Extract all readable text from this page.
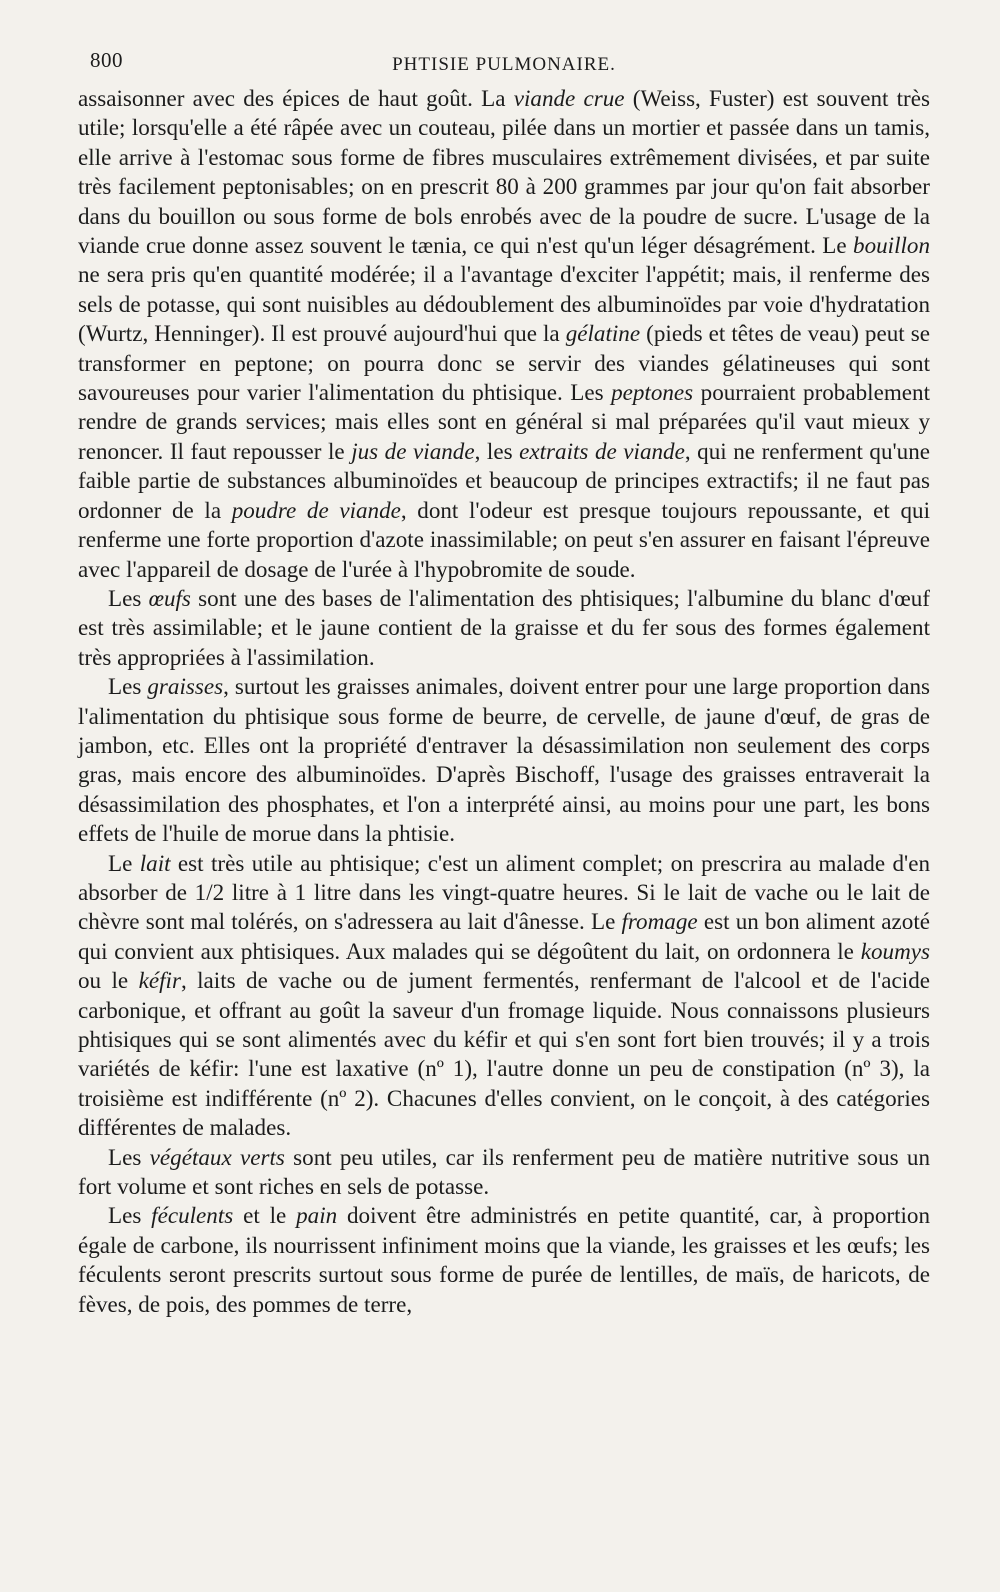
800	PHTISIE PULMONAIRE.

assaisonner avec des épices de haut goût. La viande crue (Weiss, Fuster) est souvent très utile; lorsqu'elle a été râpée avec un couteau, pilée dans un mortier et passée dans un tamis, elle arrive à l'estomac sous forme de fibres musculaires extrêmement divisées, et par suite très facilement peptonisables; on en prescrit 80 à 200 grammes par jour qu'on fait absorber dans du bouillon ou sous forme de bols enrobés avec de la poudre de sucre. L'usage de la viande crue donne assez souvent le tænia, ce qui n'est qu'un léger désagrément. Le bouillon ne sera pris qu'en quantité modérée; il a l'avantage d'exciter l'appétit; mais, il renferme des sels de potasse, qui sont nuisibles au dédoublement des albuminoïdes par voie d'hydratation (Wurtz, Henninger). Il est prouvé aujourd'hui que la gélatine (pieds et têtes de veau) peut se transformer en peptone; on pourra donc se servir des viandes gélatineuses qui sont savoureuses pour varier l'alimentation du phtisique. Les peptones pourraient probablement rendre de grands services; mais elles sont en général si mal préparées qu'il vaut mieux y renoncer. Il faut repousser le jus de viande, les extraits de viande, qui ne renferment qu'une faible partie de substances albuminoïdes et beaucoup de principes extractifs; il ne faut pas ordonner de la poudre de viande, dont l'odeur est presque toujours repoussante, et qui renferme une forte proportion d'azote inassimilable; on peut s'en assurer en faisant l'épreuve avec l'appareil de dosage de l'urée à l'hypobromite de soude.

Les œufs sont une des bases de l'alimentation des phtisiques; l'albumine du blanc d'œuf est très assimilable; et le jaune contient de la graisse et du fer sous des formes également très appropriées à l'assimilation.

Les graisses, surtout les graisses animales, doivent entrer pour une large proportion dans l'alimentation du phtisique sous forme de beurre, de cervelle, de jaune d'œuf, de gras de jambon, etc. Elles ont la propriété d'entraver la désassimilation non seulement des corps gras, mais encore des albuminoïdes. D'après Bischoff, l'usage des graisses entraverait la désassimilation des phosphates, et l'on a interprété ainsi, au moins pour une part, les bons effets de l'huile de morue dans la phtisie.

Le lait est très utile au phtisique; c'est un aliment complet; on prescrira au malade d'en absorber de 1/2 litre à 1 litre dans les vingt-quatre heures. Si le lait de vache ou le lait de chèvre sont mal tolérés, on s'adressera au lait d'ânesse. Le fromage est un bon aliment azoté qui convient aux phtisiques. Aux malades qui se dégoûtent du lait, on ordonnera le koumys ou le kéfir, laits de vache ou de jument fermentés, renfermant de l'alcool et de l'acide carbonique, et offrant au goût la saveur d'un fromage liquide. Nous connaissons plusieurs phtisiques qui se sont alimentés avec du kéfir et qui s'en sont fort bien trouvés; il y a trois variétés de kéfir: l'une est laxative (nº 1), l'autre donne un peu de constipation (nº 3), la troisième est indifférente (nº 2). Chacunes d'elles convient, on le conçoit, à des catégories différentes de malades.

Les végétaux verts sont peu utiles, car ils renferment peu de matière nutritive sous un fort volume et sont riches en sels de potasse.

Les féculents et le pain doivent être administrés en petite quantité, car, à proportion égale de carbone, ils nourrissent infiniment moins que la viande, les graisses et les œufs; les féculents seront prescrits surtout sous forme de purée de lentilles, de maïs, de haricots, de fèves, de pois, des pommes de terre,
